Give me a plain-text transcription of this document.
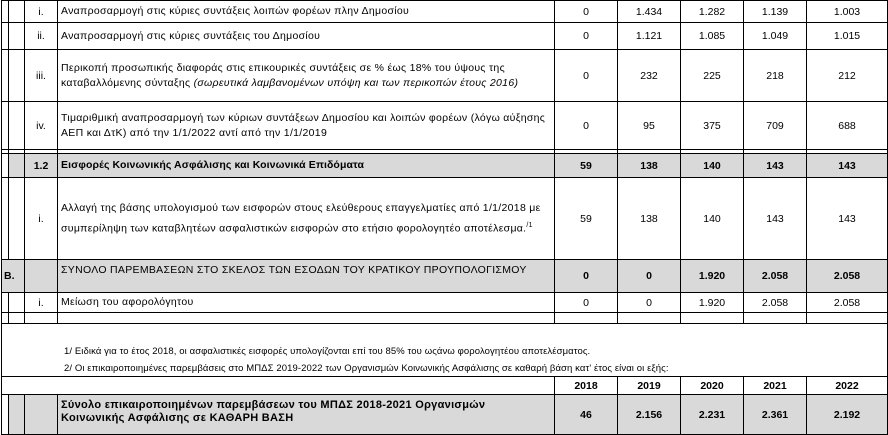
		i.	Αναπροσαρμογή στις κύριες συντάξεις λοιπών φορέων πλην Δημοσίου	0	1.434	1.282	1.139	1.003
		ii.	Αναπροσαρμογή στις κύριες συντάξεις του Δημοσίου	0	1.121	1.085	1.049	1.015
		iii.	Περικοπή προσωπικής διαφοράς στις επικουρικές συντάξεις σε % έως 18% του ύψους της καταβαλλόμενης σύνταξης (σωρευτικά λαμβανομένων υπόψη και των περικοπών έτους 2016)	0	232	225	218	212
		iv.	Τιμαριθμική αναπροσαρμογή των κύριων συντάξεων Δημοσίου και λοιπών φορέων (λόγω αύξησης ΑΕΠ και ΔτΚ) από την 1/1/2022 αντί από την 1/1/2019	0	95	375	709	688

		1.2	Εισφορές Κοινωνικής Ασφάλισης και Κοινωνικά Επιδόματα	59	138	140	143	143
		i.	Αλλαγή της βάσης υπολογισμού των εισφορών στους ελεύθερους επαγγελματίες από 1/1/2018 με συμπερίληψη των καταβλητέων ασφαλιστικών εισφορών στο ετήσιο φορολογητέο αποτέλεσμα.$^{/1}$	59	138	140	143	143
Β.			ΣΥΝΟΛΟ ΠΑΡΕΜΒΑΣΕΩΝ ΣΤΟ ΣΚΕΛΟΣ ΤΩΝ ΕΣΟΔΩΝ ΤΟΥ ΚΡΑΤΙΚΟΥ ΠΡΟΥΠΟΛΟΓΙΣΜΟΥ	0	0	1.920	2.058	2.058
		i.	Μείωση του αφορολόγητου	0	0	1.920	2.058	2.058

1/ Ειδικά για το έτος 2018, οι ασφαλιστικές εισφορές υπολογίζονται επί του 85% του ωςάνω φορολογητέου αποτελέσματος.
2/ Οι επικαιροποιημένες παρεμβάσεις στο ΜΠΔΣ 2019-2022 των Οργανισμών Κοινωνικής Ασφάλισης σε καθαρή βάση κατ' έτος είναι οι εξής:								

				2018	2019	2020	2021	2022
			Σύνολο επικαιροποιημένων παρεμβάσεων του ΜΠΔΣ 2018-2021 Οργανισμών Κοινωνικής Ασφάλισης σε ΚΑΘΑΡΗ ΒΑΣΗ	46	2.156	2.231	2.361	2.192
